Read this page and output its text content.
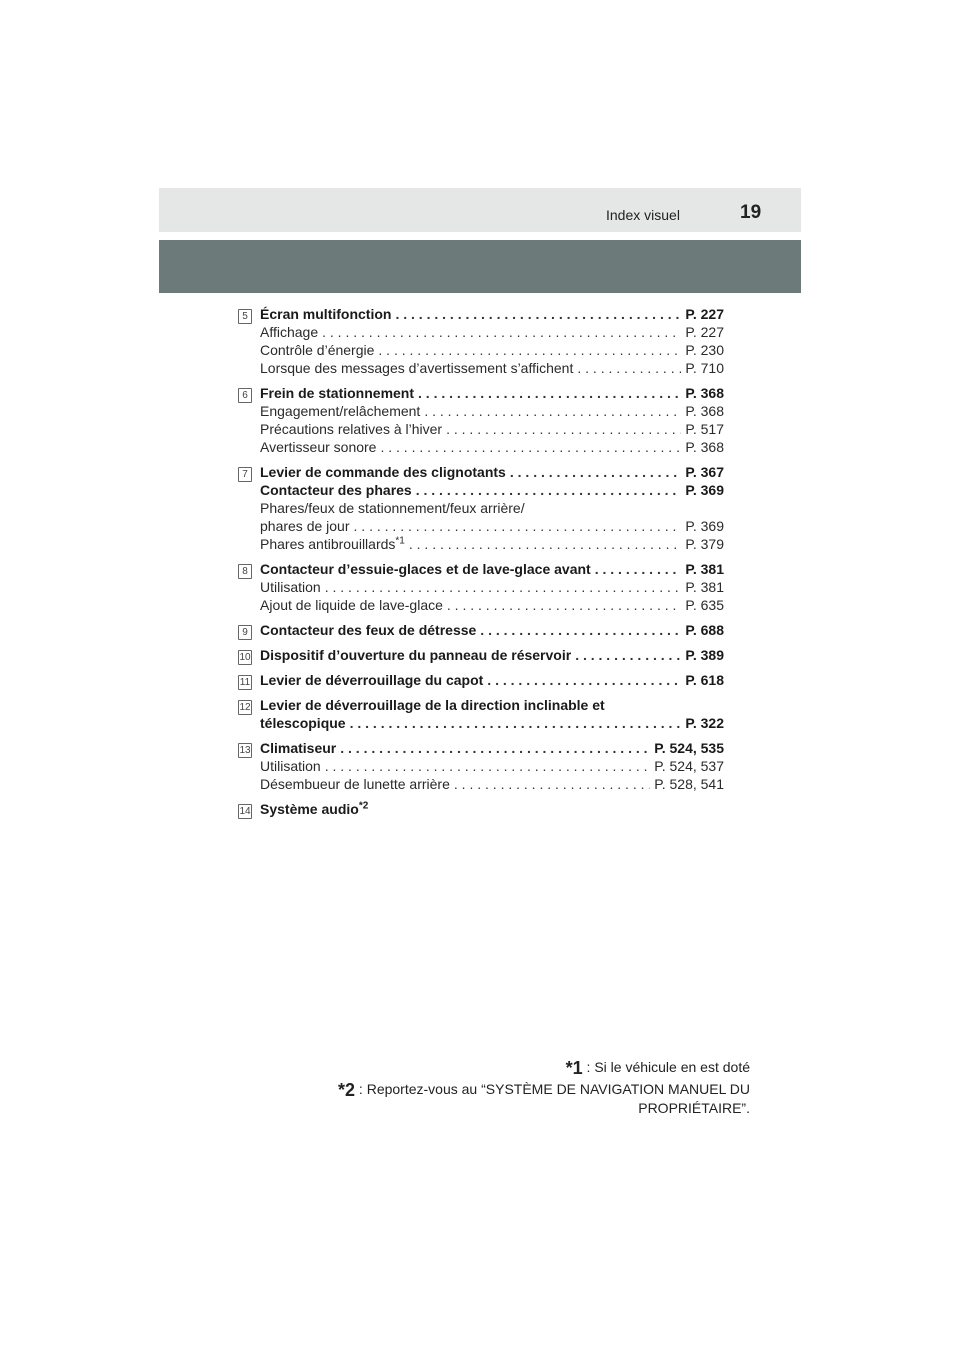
Index visuel	19
5 Écran multifonction . . .	P. 227
Affichage . . .	P. 227
Contrôle d’énergie . . .	P. 230
Lorsque des messages d’avertissement s’affichent . . .	P. 710
6 Frein de stationnement . . .	P. 368
Engagement/relâchement . . .	P. 368
Précautions relatives à l’hiver . . .	P. 517
Avertisseur sonore . . .	P. 368
7 Levier de commande des clignotants . . .	P. 367
Contacteur des phares . . .	P. 369
Phares/feux de stationnement/feux arrière/
phares de jour . . .	P. 369
Phares antibrouillards$^{*1}$ . . .	P. 379
8 Contacteur d’essuie-glaces et de lave-glace avant . . .	P. 381
Utilisation . . .	P. 381
Ajout de liquide de lave-glace . . .	P. 635
9 Contacteur des feux de détresse . . .	P. 688
10 Dispositif d’ouverture du panneau de réservoir . . .	P. 389
11 Levier de déverrouillage du capot . . .	P. 618
12 Levier de déverrouillage de la direction inclinable et
télescopique . . .	P. 322
13 Climatiseur . . .	P. 524, 535
Utilisation . . .	P. 524, 537
Désembueur de lunette arrière . . .	P. 528, 541
14 Système audio$^{*2}$
*1 : Si le véhicule en est doté
*2 : Reportez-vous au “SYSTÈME DE NAVIGATION MANUEL DU PROPRIÉTAIRE”.
